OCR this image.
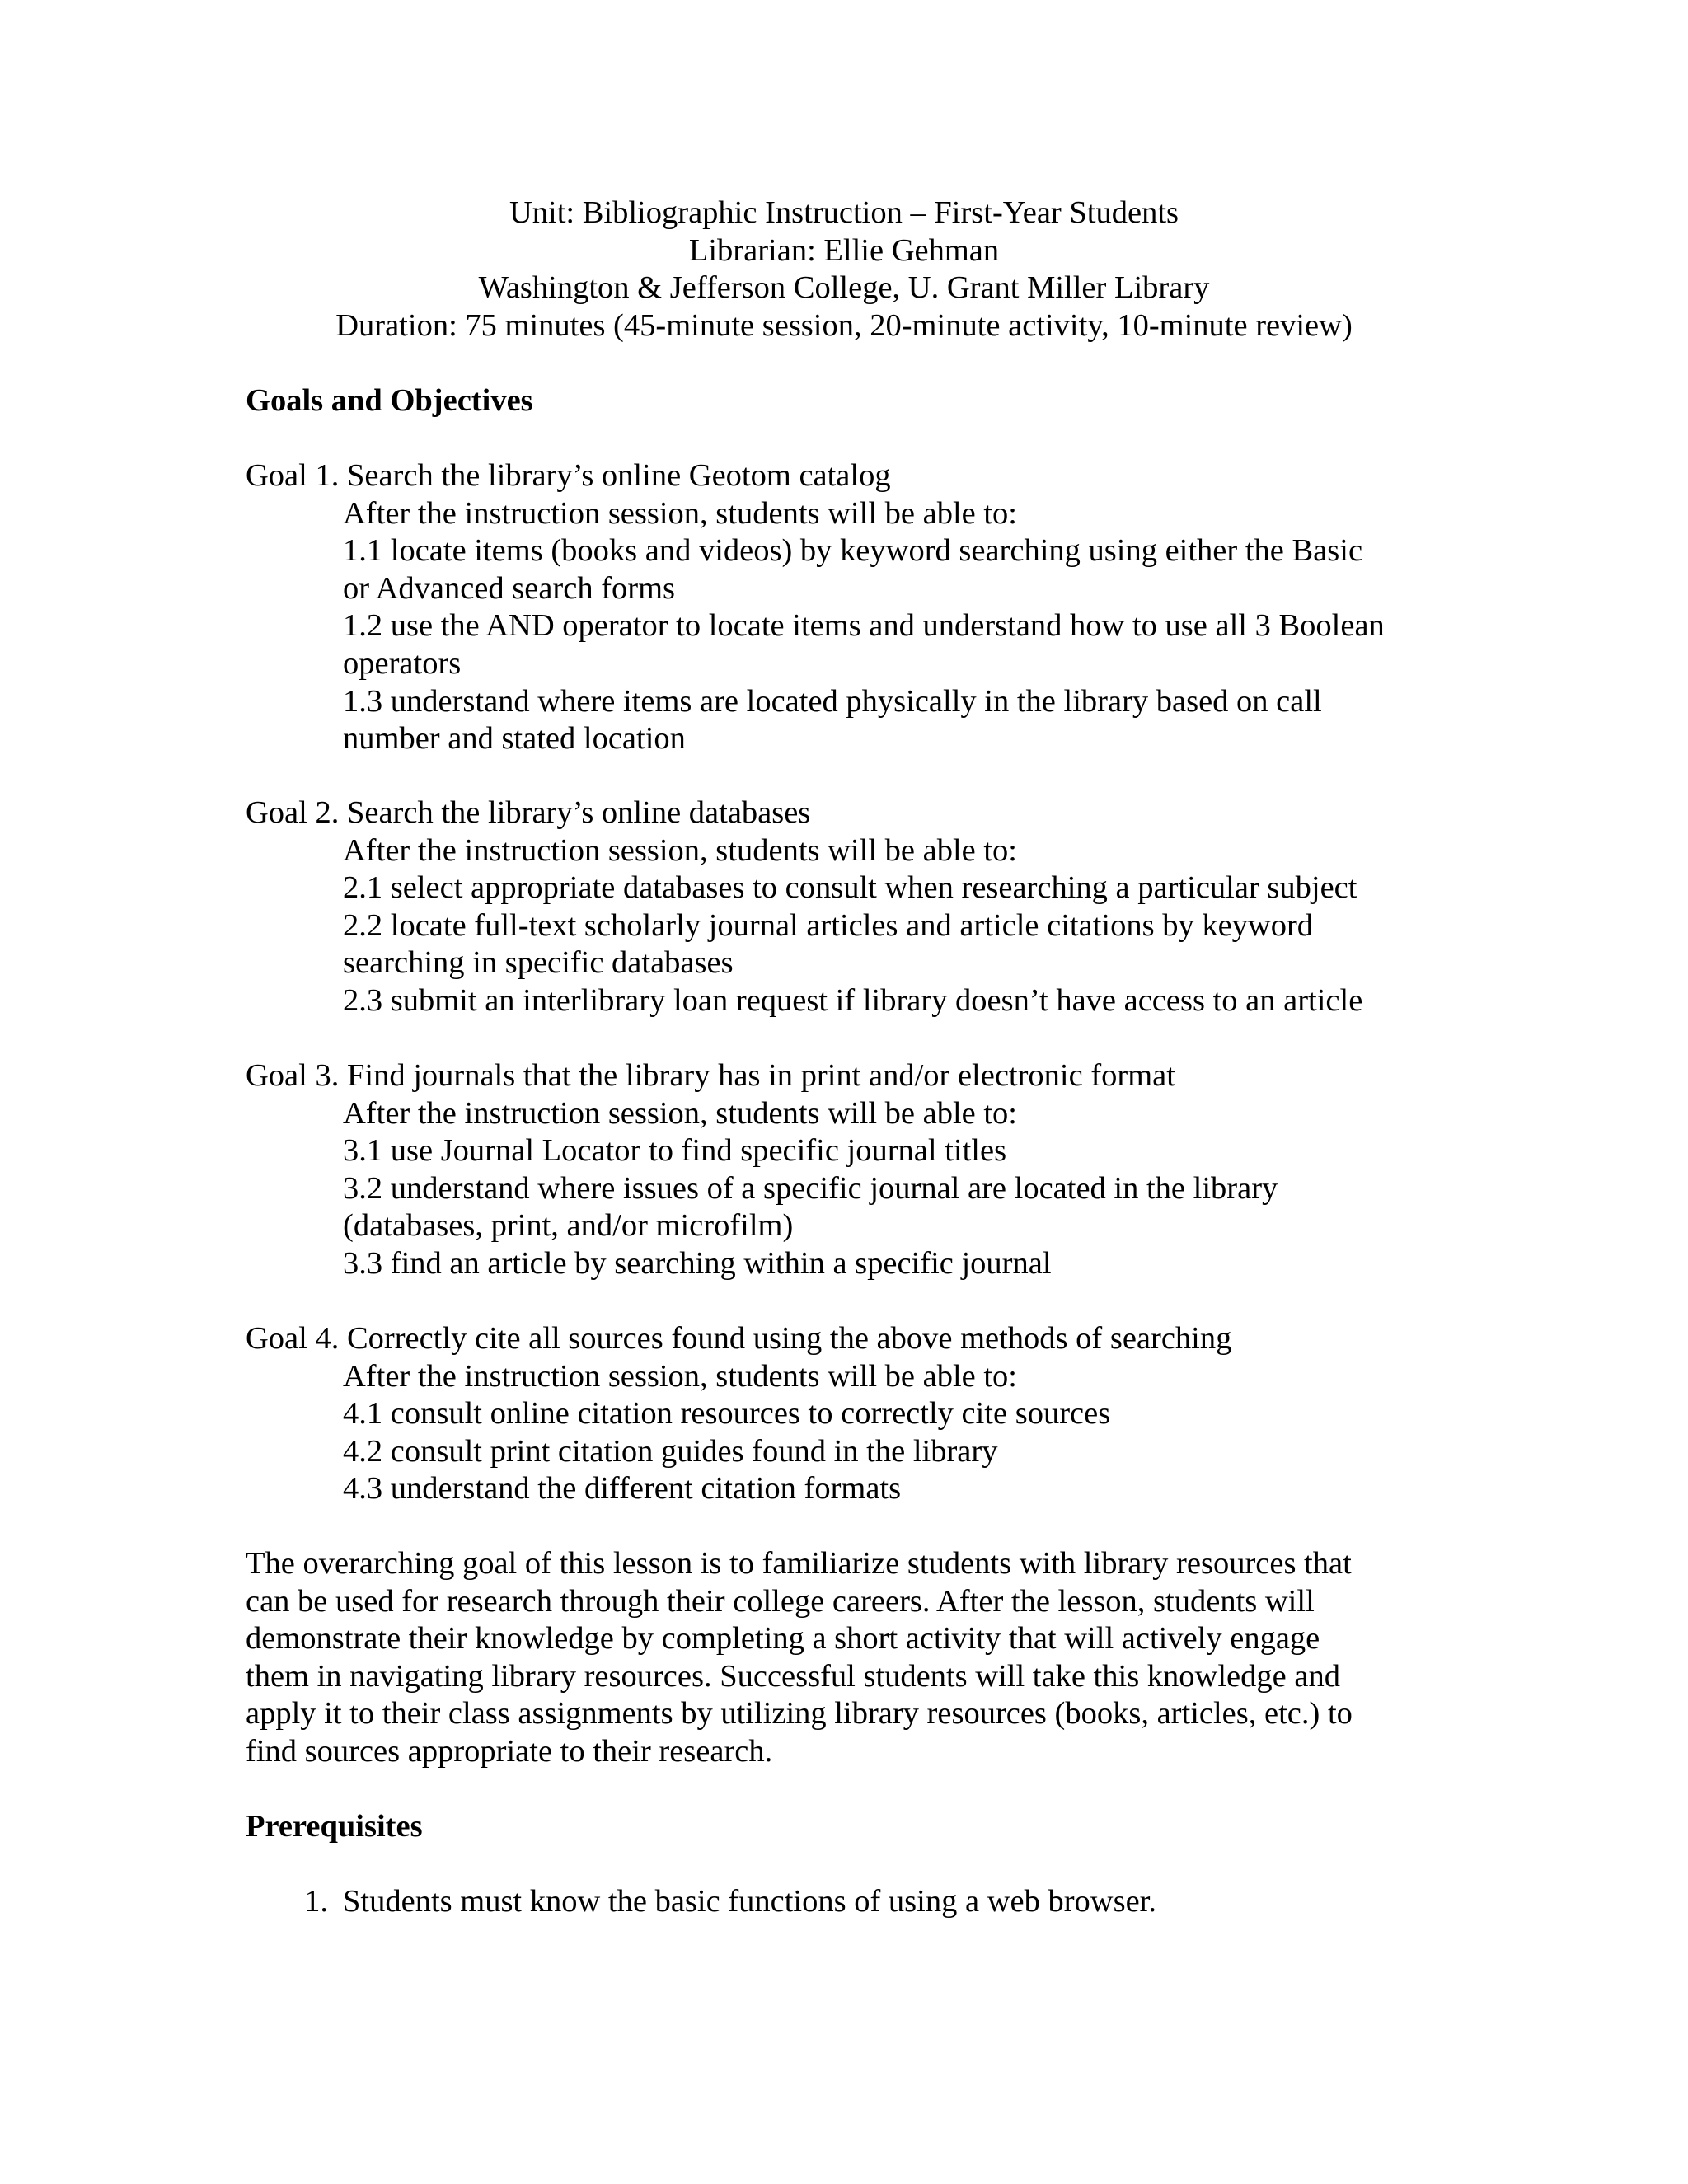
Unit: Bibliographic Instruction – First-Year Students
Librarian: Ellie Gehman
Washington & Jefferson College, U. Grant Miller Library
Duration: 75 minutes (45-minute session, 20-minute activity, 10-minute review)
Goals and Objectives
Goal 1. Search the library’s online Geotom catalog
After the instruction session, students will be able to:
1.1 locate items (books and videos) by keyword searching using either the Basic
or Advanced search forms
1.2 use the AND operator to locate items and understand how to use all 3 Boolean
operators
1.3 understand where items are located physically in the library based on call
number and stated location
Goal 2. Search the library’s online databases
After the instruction session, students will be able to:
2.1 select appropriate databases to consult when researching a particular subject
2.2 locate full-text scholarly journal articles and article citations by keyword
searching in specific databases
2.3 submit an interlibrary loan request if library doesn’t have access to an article
Goal 3. Find journals that the library has in print and/or electronic format
After the instruction session, students will be able to:
3.1 use Journal Locator to find specific journal titles
3.2 understand where issues of a specific journal are located in the library
(databases, print, and/or microfilm)
3.3 find an article by searching within a specific journal
Goal 4. Correctly cite all sources found using the above methods of searching
After the instruction session, students will be able to:
4.1 consult online citation resources to correctly cite sources
4.2 consult print citation guides found in the library
4.3 understand the different citation formats
The overarching goal of this lesson is to familiarize students with library resources that
can be used for research through their college careers. After the lesson, students will
demonstrate their knowledge by completing a short activity that will actively engage
them in navigating library resources. Successful students will take this knowledge and
apply it to their class assignments by utilizing library resources (books, articles, etc.) to
find sources appropriate to their research.
Prerequisites
1. Students must know the basic functions of using a web browser.
